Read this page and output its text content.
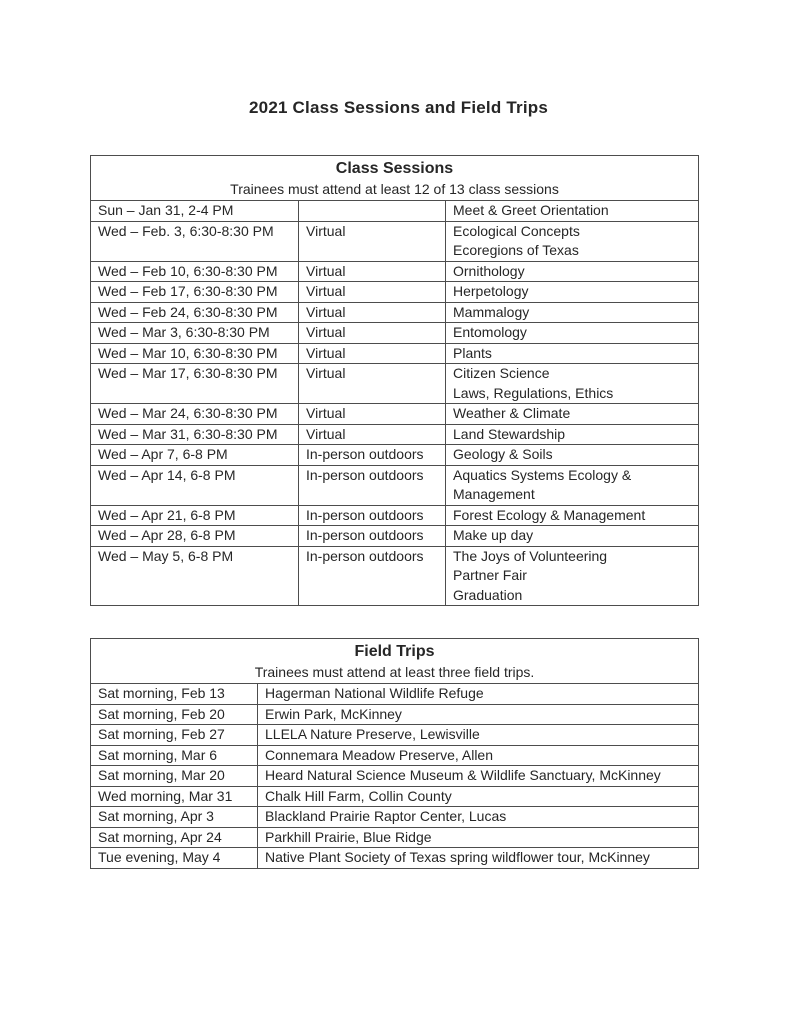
2021 Class Sessions and Field Trips
Class Sessions
Trainees must attend at least 12 of 13 class sessions		

Sun – Jan 31, 2-4 PM		Meet & Greet Orientation

Wed – Feb. 3, 6:30-8:30 PM	Virtual	Ecological Concepts
Ecoregions of Texas

Wed – Feb 10, 6:30-8:30 PM	Virtual	Ornithology

Wed – Feb 17, 6:30-8:30 PM	Virtual	Herpetology

Wed – Feb 24, 6:30-8:30 PM	Virtual	Mammalogy

Wed – Mar 3, 6:30-8:30 PM	Virtual	Entomology

Wed – Mar 10, 6:30-8:30 PM	Virtual	Plants

Wed – Mar 17, 6:30-8:30 PM	Virtual	Citizen Science
Laws, Regulations, Ethics

Wed – Mar 24, 6:30-8:30 PM	Virtual	Weather & Climate

Wed – Mar 31, 6:30-8:30 PM	Virtual	Land Stewardship

Wed – Apr 7, 6-8 PM	In-person outdoors	Geology & Soils

Wed – Apr 14, 6-8 PM	In-person outdoors	Aquatics Systems Ecology &
Management

Wed – Apr 21, 6-8 PM	In-person outdoors	Forest Ecology & Management

Wed – Apr 28, 6-8 PM	In-person outdoors	Make up day

Wed – May 5, 6-8 PM	In-person outdoors	The Joys of Volunteering
Partner Fair
Graduation
Field Trips
Trainees must attend at least three field trips.	

Sat morning, Feb 13	Hagerman National Wildlife Refuge
Sat morning, Feb 20	Erwin Park, McKinney
Sat morning, Feb 27	LLELA Nature Preserve, Lewisville
Sat morning, Mar 6	Connemara Meadow Preserve, Allen
Sat morning, Mar 20	Heard Natural Science Museum & Wildlife Sanctuary, McKinney
Wed morning, Mar 31	Chalk Hill Farm, Collin County
Sat morning, Apr 3	Blackland Prairie Raptor Center, Lucas
Sat morning, Apr 24	Parkhill Prairie, Blue Ridge
Tue evening, May 4	Native Plant Society of Texas spring wildflower tour, McKinney
